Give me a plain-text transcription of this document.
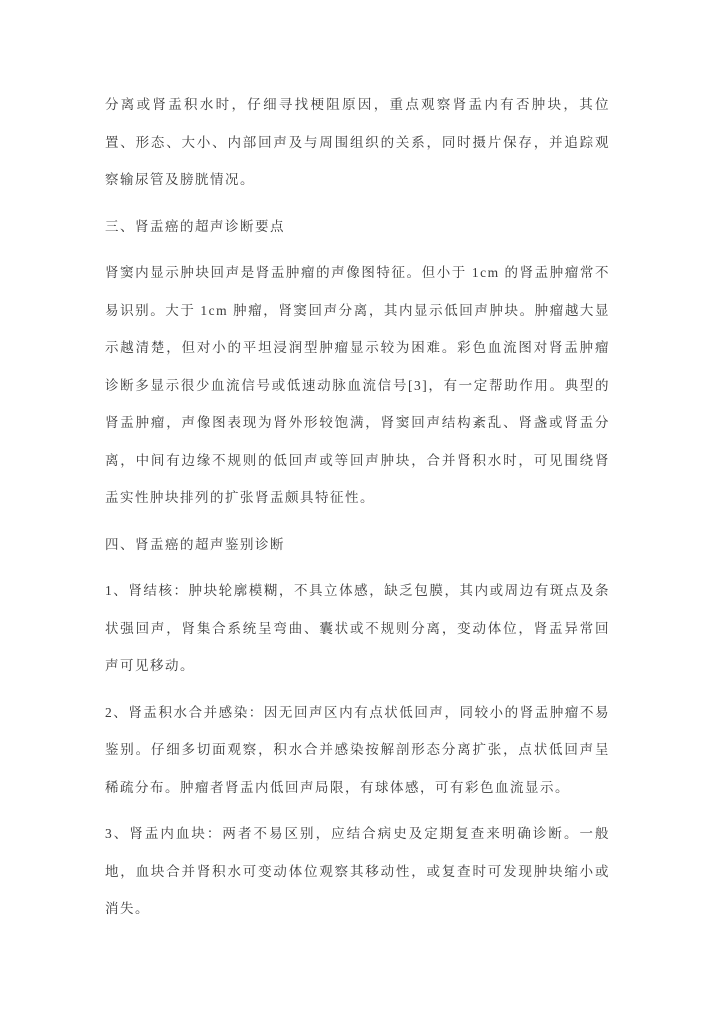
分离或肾盂积水时，仔细寻找梗阻原因，重点观察肾盂内有否肿块，其位置、形态、大小、内部回声及与周围组织的关系，同时摄片保存，并追踪观察输尿管及膀胱情况。

三、肾盂癌的超声诊断要点

肾窦内显示肿块回声是肾盂肿瘤的声像图特征。但小于 1cm 的肾盂肿瘤常不易识别。大于 1cm 肿瘤，肾窦回声分离，其内显示低回声肿块。肿瘤越大显示越清楚，但对小的平坦浸润型肿瘤显示较为困难。彩色血流图对肾盂肿瘤诊断多显示很少血流信号或低速动脉血流信号[3]，有一定帮助作用。典型的肾盂肿瘤，声像图表现为肾外形较饱满，肾窦回声结构紊乱、肾盏或肾盂分离，中间有边缘不规则的低回声或等回声肿块，合并肾积水时，可见围绕肾盂实性肿块排列的扩张肾盂颇具特征性。

四、肾盂癌的超声鉴别诊断

1、肾结核：肿块轮廓模糊，不具立体感，缺乏包膜，其内或周边有斑点及条状强回声，肾集合系统呈弯曲、囊状或不规则分离，变动体位，肾盂异常回声可见移动。

2、肾盂积水合并感染：因无回声区内有点状低回声，同较小的肾盂肿瘤不易鉴别。仔细多切面观察，积水合并感染按解剖形态分离扩张，点状低回声呈稀疏分布。肿瘤者肾盂内低回声局限，有球体感，可有彩色血流显示。

3、肾盂内血块：两者不易区别，应结合病史及定期复查来明确诊断。一般地，血块合并肾积水可变动体位观察其移动性，或复查时可发现肿块缩小或消失。
